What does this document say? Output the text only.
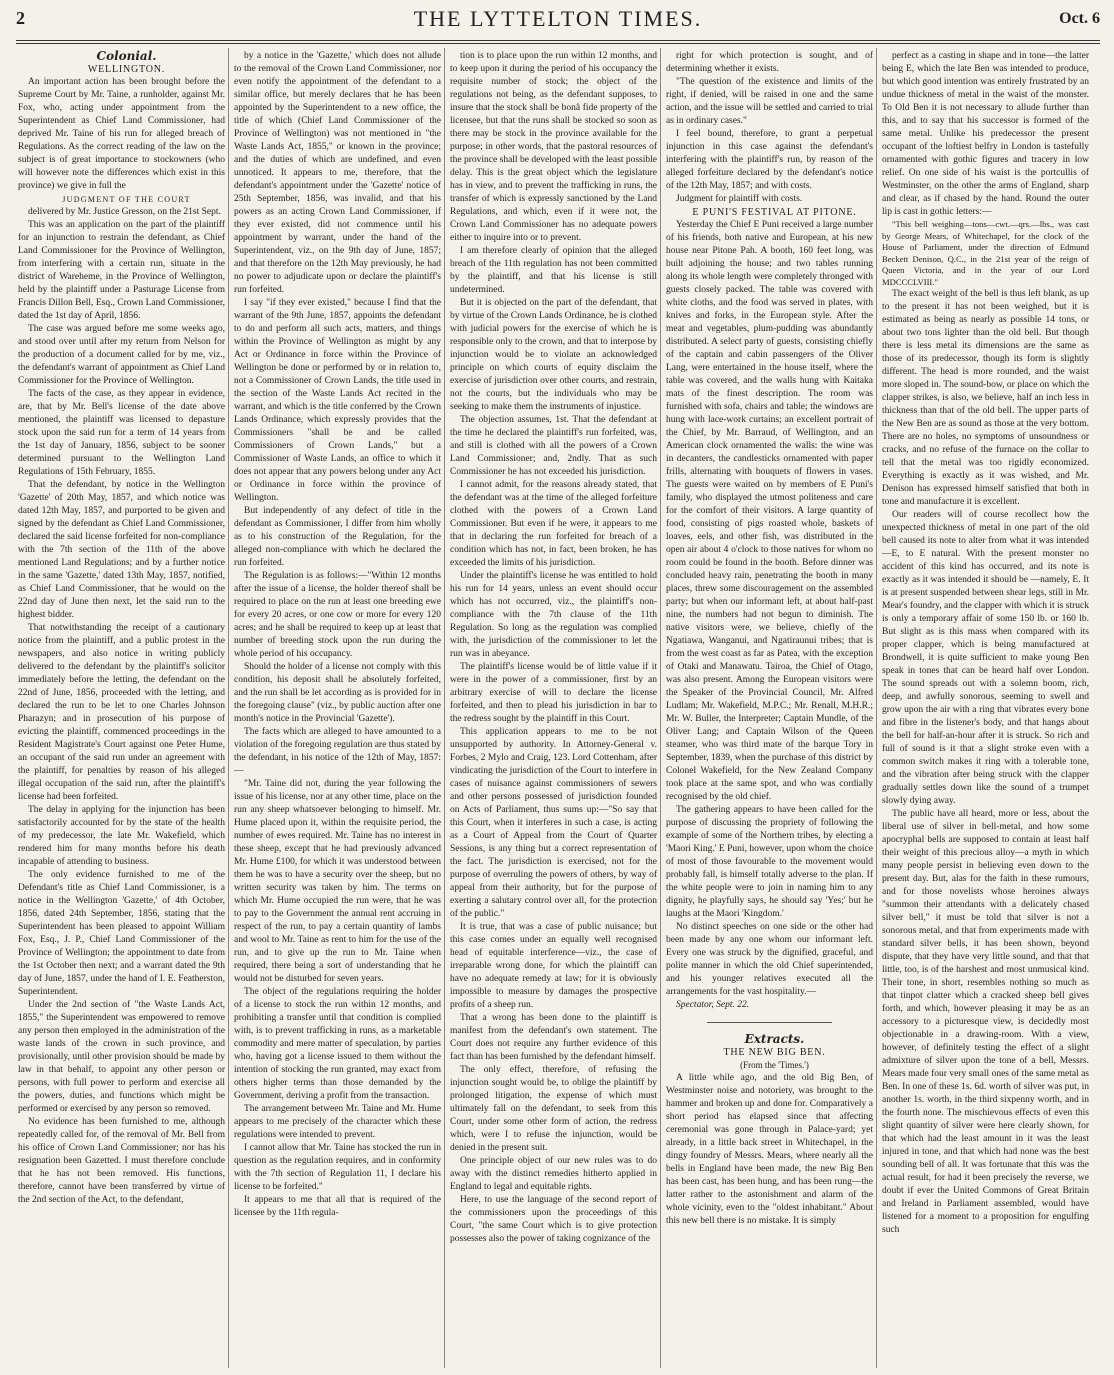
2	THE LYTTELTON TIMES.	Oct. 6

Colonial.

WELLINGTON.

An important action has been brought before the Supreme Court by Mr. Taine, a runholder, against Mr. Fox, who, acting under appointment from the Superintendent as Chief Land Commissioner, had deprived Mr. Taine of his run for alleged breach of Regulations. As the correct reading of the law on the subject is of great importance to stockowners (who will however note the differences which exist in this province) we give in full the

JUDGMENT OF THE COURT

delivered by Mr. Justice Gresson, on the 21st Sept.

This was an application on the part of the plaintiff for an injunction to restrain the defendant, as Chief Land Commissioner for the Province of Wellington, from interfering with a certain run, situate in the district of Wareheme, in the Province of Wellington, held by the plaintiff under a Pasturage License from Francis Dillon Bell, Esq., Crown Land Commissioner, dated the 1st day of April, 1856.

The case was argued before me some weeks ago, and stood over until after my return from Nelson for the production of a document called for by me, viz., the defendant's warrant of appointment as Chief Land Commissioner for the Province of Wellington.

The facts of the case, as they appear in evidence, are, that by Mr. Bell's license of the date above mentioned, the plaintiff was licensed to depasture stock upon the said run for a term of 14 years from the 1st day of January, 1856, subject to be sooner determined pursuant to the Wellington Land Regulations of 15th February, 1855.

That the defendant, by notice in the Wellington 'Gazette' of 20th May, 1857, and which notice was dated 12th May, 1857, and purported to be given and signed by the defendant as Chief Land Commissioner, declared the said license forfeited for non-compliance with the 7th section of the 11th of the above mentioned Land Regulations; and by a further notice in the same 'Gazette,' dated 13th May, 1857, notified, as Chief Land Commissioner, that he would on the 22nd day of June then next, let the said run to the highest bidder.

That notwithstanding the receipt of a cautionary notice from the plaintiff, and a public protest in the newspapers, and also notice in writing publicly delivered to the defendant by the plaintiff's solicitor immediately before the letting, the defendant on the 22nd of June, 1856, proceeded with the letting, and declared the run to be let to one Charles Johnson Pharazyn; and in prosecution of his purpose of evicting the plaintiff, commenced proceedings in the Resident Magistrate's Court against one Peter Hume, an occupant of the said run under an agreement with the plaintiff, for penalties by reason of his alleged illegal occupation of the said run, after the plaintiff's license had been forfeited.

The delay in applying for the injunction has been satisfactorily accounted for by the state of the health of my predecessor, the late Mr. Wakefield, which rendered him for many months before his death incapable of attending to business.

The only evidence furnished to me of the Defendant's title as Chief Land Commissioner, is a notice in the Wellington 'Gazette,' of 4th October, 1856, dated 24th September, 1856, stating that the Superintendent has been pleased to appoint William Fox, Esq., J. P., Chief Land Commissioner of the Province of Wellington; the appointment to date from the 1st October then next; and a warrant dated the 9th day of June, 1857, under the hand of I. E. Featherston, Superintendent.

Under the 2nd section of "the Waste Lands Act, 1855," the Superintendent was empowered to remove any person then employed in the administration of the waste lands of the crown in such province, and provisionally, until other provision should be made by law in that behalf, to appoint any other person or persons, with full power to perform and exercise all the powers, duties, and functions which might be performed or exercised by any person so removed.

No evidence has been furnished to me, although repeatedly called for, of the removal of Mr. Bell from his office of Crown Land Commissioner; nor has his resignation been Gazetted. I must therefore conclude that he has not been removed. His functions, therefore, cannot have been transferred by virtue of the 2nd section of the Act, to the defendant,

by a notice in the 'Gazette,' which does not allude to the removal of the Crown Land Commissioner, nor even notify the appointment of the defendant to a similar office, but merely declares that he has been appointed by the Superintendent to a new office, the title of which (Chief Land Commissioner of the Province of Wellington) was not mentioned in "the Waste Lands Act, 1855," or known in the province; and the duties of which are undefined, and even unnoticed. It appears to me, therefore, that the defendant's appointment under the 'Gazette' notice of 25th September, 1856, was invalid, and that his powers as an acting Crown Land Commissioner, if they ever existed, did not commence until his appointment by warrant, under the hand of the Superintendent, viz., on the 9th day of June, 1857; and that therefore on the 12th May previously, he had no power to adjudicate upon or declare the plaintiff's run forfeited.

I say "if they ever existed," because I find that the warrant of the 9th June, 1857, appoints the defendant to do and perform all such acts, matters, and things within the Province of Wellington as might by any Act or Ordinance in force within the Province of Wellington be done or performed by or in relation to, not a Commissioner of Crown Lands, the title used in the section of the Waste Lands Act recited in the warrant, and which is the title conferred by the Crown Lands Ordinance, which expressly provides that the Commissioners "shall be and be called Commissioners of Crown Lands," but a Commissioner of Waste Lands, an office to which it does not appear that any powers belong under any Act or Ordinance in force within the province of Wellington.

But independently of any defect of title in the defendant as Commissioner, I differ from him wholly as to his construction of the Regulation, for the alleged non-compliance with which he declared the run forfeited.

The Regulation is as follows:—"Within 12 months after the issue of a license, the holder thereof shall be required to place on the run at least one breeding ewe for every 20 acres, or one cow or more for every 120 acres; and he shall be required to keep up at least that number of breeding stock upon the run during the whole period of his occupancy.

Should the holder of a license not comply with this condition, his deposit shall be absolutely forfeited, and the run shall be let according as is provided for in the foregoing clause" (viz., by public auction after one month's notice in the Provincial 'Gazette').

The facts which are alleged to have amounted to a violation of the foregoing regulation are thus stated by the defendant, in his notice of the 12th of May, 1857:—

"Mr. Taine did not, during the year following the issue of his license, nor at any other time, place on the run any sheep whatsoever belonging to himself. Mr. Hume placed upon it, within the requisite period, the number of ewes required. Mr. Taine has no interest in these sheep, except that he had previously advanced Mr. Hume £100, for which it was understood between them he was to have a security over the sheep, but no written security was taken by him. The terms on which Mr. Hume occupied the run were, that he was to pay to the Government the annual rent accruing in respect of the run, to pay a certain quantity of lambs and wool to Mr. Taine as rent to him for the use of the run, and to give up the run to Mr. Taine when required, there being a sort of understanding that he would not be disturbed for seven years.

The object of the regulations requiring the holder of a license to stock the run within 12 months, and prohibiting a transfer until that condition is complied with, is to prevent trafficking in runs, as a marketable commodity and mere matter of speculation, by parties who, having got a license issued to them without the intention of stocking the run granted, may exact from others higher terms than those demanded by the Government, deriving a profit from the transaction.

The arrangement between Mr. Taine and Mr. Hume appears to me precisely of the character which these regulations were intended to prevent.

I cannot allow that Mr. Taine has stocked the run in question as the regulation requires, and in conformity with the 7th section of Regulation 11, I declare his license to be forfeited."

It appears to me that all that is required of the licensee by the 11th regula-

tion is to place upon the run within 12 months, and to keep upon it during the period of his occupancy the requisite number of stock; the object of the regulations not being, as the defendant supposes, to insure that the stock shall be bonâ fide property of the licensee, but that the runs shall be stocked so soon as there may be stock in the province available for the purpose; in other words, that the pastoral resources of the province shall be developed with the least possible delay. This is the great object which the legislature has in view, and to prevent the trafficking in runs, the transfer of which is expressly sanctioned by the Land Regulations, and which, even if it were not, the Crown Land Commissioner has no adequate powers either to inquire into or to prevent.

I am therefore clearly of opinion that the alleged breach of the 11th regulation has not been committed by the plaintiff, and that his license is still undetermined.

But it is objected on the part of the defendant, that by virtue of the Crown Lands Ordinance, he is clothed with judicial powers for the exercise of which he is responsible only to the crown, and that to interpose by injunction would be to violate an acknowledged principle on which courts of equity disclaim the exercise of jurisdiction over other courts, and restrain, not the courts, but the individuals who may be seeking to make them the instruments of injustice.

The objection assumes, 1st. That the defendant at the time he declared the plaintiff's run forfeited, was, and still is clothed with all the powers of a Crown Land Commissioner; and, 2ndly. That as such Commissioner he has not exceeded his jurisdiction.

I cannot admit, for the reasons already stated, that the defendant was at the time of the alleged forfeiture clothed with the powers of a Crown Land Commissioner. But even if he were, it appears to me that in declaring the run forfeited for breach of a condition which has not, in fact, been broken, he has exceeded the limits of his jurisdiction.

Under the plaintiff's license he was entitled to hold his run for 14 years, unless an event should occur which has not occurred, viz., the plaintiff's non-compliance with the 7th clause of the 11th Regulation. So long as the regulation was complied with, the jurisdiction of the commissioner to let the run was in abeyance.

The plaintiff's license would be of little value if it were in the power of a commissioner, first by an arbitrary exercise of will to declare the license forfeited, and then to plead his jurisdiction in bar to the redress sought by the plaintiff in this Court.

This application appears to me to be not unsupported by authority. In Attorney-General v. Forbes, 2 Mylo and Craig, 123. Lord Cottenham, after vindicating the jurisdiction of the Court to interfere in cases of nuisance against commissioners of sewers and other persons possessed of jurisdiction founded on Acts of Parliament, thus sums up:—"So say that this Court, when it interferes in such a case, is acting as a Court of Appeal from the Court of Quarter Sessions, is any thing but a correct representation of the fact. The jurisdiction is exercised, not for the purpose of overruling the powers of others, by way of appeal from their authority, but for the purpose of exerting a salutary control over all, for the protection of the public."

It is true, that was a case of public nuisance; but this case comes under an equally well recognised head of equitable interference—viz., the case of irreparable wrong done, for which the plaintiff can have no adequate remedy at law; for it is obviously impossible to measure by damages the prospective profits of a sheep run.

That a wrong has been done to the plaintiff is manifest from the defendant's own statement. The Court does not require any further evidence of this fact than has been furnished by the defendant himself.

The only effect, therefore, of refusing the injunction sought would be, to oblige the plaintiff by prolonged litigation, the expense of which must ultimately fall on the defendant, to seek from this Court, under some other form of action, the redress which, were I to refuse the injunction, would be denied in the present suit.

One principle object of our new rules was to do away with the distinct remedies hitherto applied in England to legal and equitable rights.

Here, to use the language of the second report of the commissioners upon the proceedings of this Court, "the same Court which is to give protection possesses also the power of taking cognizance of the

right for which protection is sought, and of determining whether it exists.

"The question of the existence and limits of the right, if denied, will be raised in one and the same action, and the issue will be settled and carried to trial as in ordinary cases."

I feel bound, therefore, to grant a perpetual injunction in this case against the defendant's interfering with the plaintiff's run, by reason of the alleged forfeiture declared by the defendant's notice of the 12th May, 1857; and with costs.

Judgment for plaintiff with costs.

E PUNI'S FESTIVAL AT PITONE.

Yesterday the Chief E Puni received a large number of his friends, both native and European, at his new house near Pitone Pah. A booth, 160 feet long, was built adjoining the house; and two tables running along its whole length were completely thronged with guests closely packed. The table was covered with white cloths, and the food was served in plates, with knives and forks, in the European style. After the meat and vegetables, plum-pudding was abundantly distributed. A select party of guests, consisting chiefly of the captain and cabin passengers of the Oliver Lang, were entertained in the house itself, where the table was covered, and the walls hung with Kaitaka mats of the finest description. The room was furnished with sofa, chairs and table; the windows are hung with lace-work curtains; an excellent portrait of the Chief, by Mr. Barraud, of Wellington, and an American clock ornamented the walls: the wine was in decanters, the candlesticks ornamented with paper frills, alternating with bouquets of flowers in vases. The guests were waited on by members of E Puni's family, who displayed the utmost politeness and care for the comfort of their visitors. A large quantity of food, consisting of pigs roasted whole, baskets of loaves, eels, and other fish, was distributed in the open air about 4 o'clock to those natives for whom no room could be found in the booth. Before dinner was concluded heavy rain, penetrating the booth in many places, threw some discouragement on the assembled party; but when our informant left, at about half-past nine, the numbers had not begun to diminish. The native visitors were, we believe, chiefly of the Ngatiawa, Wanganui, and Ngatiraunui tribes; that is from the west coast as far as Patea, with the exception of Otaki and Manawatu. Tairoa, the Chief of Otago, was also present. Among the European visitors were the Speaker of the Provincial Council, Mr. Alfred Ludlam; Mr. Wakefield, M.P.C.; Mr. Renall, M.H.R.; Mr. W. Buller, the Interpreter; Captain Mundle, of the Oliver Lang; and Captain Wilson of the Queen steamer, who was third mate of the barque Tory in September, 1839, when the purchase of this district by Colonel Wakefield, for the New Zealand Company took place at the same spot, and who was cordially recognised by the old chief.

The gathering appears to have been called for the purpose of discussing the propriety of following the example of some of the Northern tribes, by electing a 'Maori King.' E Puni, however, upon whom the choice of most of those favourable to the movement would probably fall, is himself totally adverse to the plan. If the white people were to join in naming him to any dignity, he playfully says, he should say 'Yes;' but he laughs at the Maori 'Kingdom.'

No distinct speeches on one side or the other had been made by any one whom our informant left. Every one was struck by the dignified, graceful, and polite manner in which the old Chief superintended, and his younger relatives executed all the arrangements for the vast hospitality.—

Spectator, Sept. 22.

Extracts.

THE NEW BIG BEN.

(From the 'Times.')

A little while ago, and the old Big Ben, of Westminster noise and notoriety, was brought to the hammer and broken up and done for. Comparatively a short period has elapsed since that affecting ceremonial was gone through in Palace-yard; yet already, in a little back street in Whitechapel, in the dingy foundry of Messrs. Mears, where nearly all the bells in England have been made, the new Big Ben has been cast, has been hung, and has been rung—the latter rather to the astonishment and alarm of the whole vicinity, even to the "oldest inhabitant." About this new bell there is no mistake. It is simply

perfect as a casting in shape and in tone—the latter being E, which the late Ben was intended to produce, but which good intention was entirely frustrated by an undue thickness of metal in the waist of the monster. To Old Ben it is not necessary to allude further than this, and to say that his successor is formed of the same metal. Unlike his predecessor the present occupant of the loftiest belfry in London is tastefully ornamented with gothic figures and tracery in low relief. On one side of his waist is the portcullis of Westminster, on the other the arms of England, sharp and clear, as if chased by the hand. Round the outer lip is cast in gothic letters:—

"This bell weighing—tons—cwt.—qrs.—lbs., was cast by George Mears, of Whitechapel, for the clock of the House of Parliament, under the direction of Edmund Beckett Denison, Q.C., in the 21st year of the reign of Queen Victoria, and in the year of our Lord MDCCCLVIII."

The exact weight of the bell is thus left blank, as up to the present it has not been weighed, but it is estimated as being as nearly as possible 14 tons, or about two tons lighter than the old bell. But though there is less metal its dimensions are the same as those of its predecessor, though its form is slightly different. The head is more rounded, and the waist more sloped in. The sound-bow, or place on which the clapper strikes, is also, we believe, half an inch less in thickness than that of the old bell. The upper parts of the New Ben are as sound as those at the very bottom. There are no holes, no symptoms of unsoundness or cracks, and no refuse of the furnace on the collar to tell that the metal was too rigidly economized. Everything is exactly as it was wished, and Mr. Denison has expressed himself satisfied that both in tone and manufacture it is excellent.

Our readers will of course recollect how the unexpected thickness of metal in one part of the old bell caused its note to alter from what it was intended—E, to E natural. With the present monster no accident of this kind has occurred, and its note is exactly as it was intended it should be —namely, E. It is at present suspended between shear legs, still in Mr. Mear's foundry, and the clapper with which it is struck is only a temporary affair of some 150 lb. or 160 lb. But slight as is this mass when compared with its proper clapper, which is being manufactured at Brondwell, it is quite sufficient to make young Ben speak in tones that can be heard half over London. The sound spreads out with a solemn boom, rich, deep, and awfully sonorous, seeming to swell and grow upon the air with a ring that vibrates every bone and fibre in the listener's body, and that hangs about the bell for half-an-hour after it is struck. So rich and full of sound is it that a slight stroke even with a common switch makes it ring with a tolerable tone, and the vibration after being struck with the clapper gradually settles down like the sound of a trumpet slowly dying away.

The public have all heard, more or less, about the liberal use of silver in bell-metal, and how some apocryphal bells are supposed to contain at least half their weight of this precious alloy—a myth in which many people persist in believing even down to the present day. But, alas for the faith in these rumours, and for those novelists whose heroines always "summon their attendants with a delicately chased silver bell," it must be told that silver is not a sonorous metal, and that from experiments made with standard silver bells, it has been shown, beyond dispute, that they have very little sound, and that that little, too, is of the harshest and most unmusical kind. Their tone, in short, resembles nothing so much as that tinpot clatter which a cracked sheep bell gives forth, and which, however pleasing it may be as an accessory to a picturesque view, is decidedly most objectionable in a drawing-room. With a view, however, of definitely testing the effect of a slight admixture of silver upon the tone of a bell, Messrs. Mears made four very small ones of the same metal as Ben. In one of these 1s. 6d. worth of silver was put, in another 1s. worth, in the third sixpenny worth, and in the fourth none. The mischievous effects of even this slight quantity of silver were here clearly shown, for that which had the least amount in it was the least injured in tone, and that which had none was the best sounding bell of all. It was fortunate that this was the actual result, for had it been precisely the reverse, we doubt if ever the United Commons of Great Britain and Ireland in Parliament assembled, would have listened for a moment to a proposition for engulfing such
